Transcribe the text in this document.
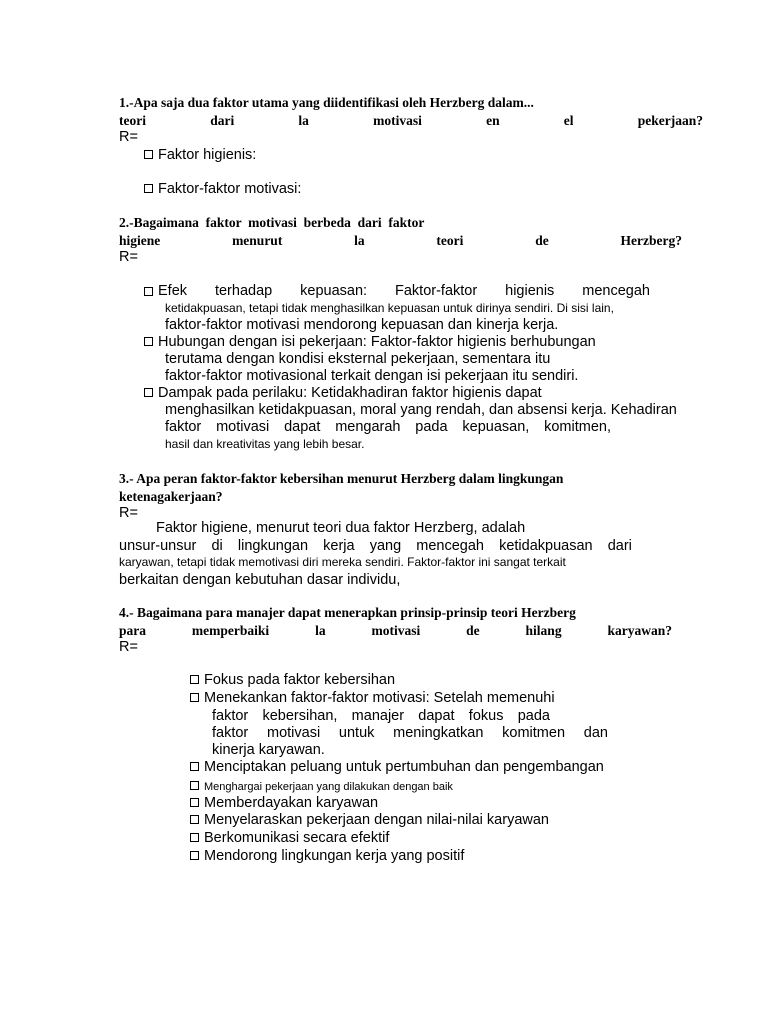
1.-Apa saja dua faktor utama yang diidentifikasi oleh Herzberg dalam...
teori	dari	la	motivasi	en	el	pekerjaan?
R=
Faktor higienis:
Faktor-faktor motivasi:
2.-Bagaimana  faktor  motivasi  berbeda  dari  faktor
higiene	menurut	la	teori	de	Herzberg?
R=
Efek terhadap kepuasan: Faktor-faktor higienis mencegah
ketidakpuasan, tetapi tidak menghasilkan kepuasan untuk dirinya sendiri. Di sisi lain,
faktor-faktor motivasi mendorong kepuasan dan kinerja kerja.
Hubungan dengan isi pekerjaan: Faktor-faktor higienis berhubungan
terutama dengan kondisi eksternal pekerjaan, sementara itu
faktor-faktor motivasional terkait dengan isi pekerjaan itu sendiri.
Dampak pada perilaku: Ketidakhadiran faktor higienis dapat
menghasilkan ketidakpuasan, moral yang rendah, dan absensi kerja. Kehadiran
faktor motivasi dapat mengarah pada kepuasan, komitmen,
hasil dan kreativitas yang lebih besar.
3.- Apa peran faktor-faktor kebersihan menurut Herzberg dalam lingkungan
ketenagakerjaan?
R=
Faktor higiene, menurut teori dua faktor Herzberg, adalah
unsur-unsur di lingkungan kerja yang mencegah ketidakpuasan dari
karyawan, tetapi tidak memotivasi diri mereka sendiri. Faktor-faktor ini sangat terkait
berkaitan dengan kebutuhan dasar individu,
4.- Bagaimana para manajer dapat menerapkan prinsip-prinsip teori Herzberg
para	memperbaiki	la	motivasi	de	hilang	karyawan?
R=
Fokus pada faktor kebersihan
Menekankan faktor-faktor motivasi: Setelah memenuhi
faktor kebersihan, manajer dapat fokus pada
faktor motivasi untuk meningkatkan komitmen dan
kinerja karyawan.
Menciptakan peluang untuk pertumbuhan dan pengembangan
Menghargai pekerjaan yang dilakukan dengan baik
Memberdayakan karyawan
Menyelaraskan pekerjaan dengan nilai-nilai karyawan
Berkomunikasi secara efektif
Mendorong lingkungan kerja yang positif
